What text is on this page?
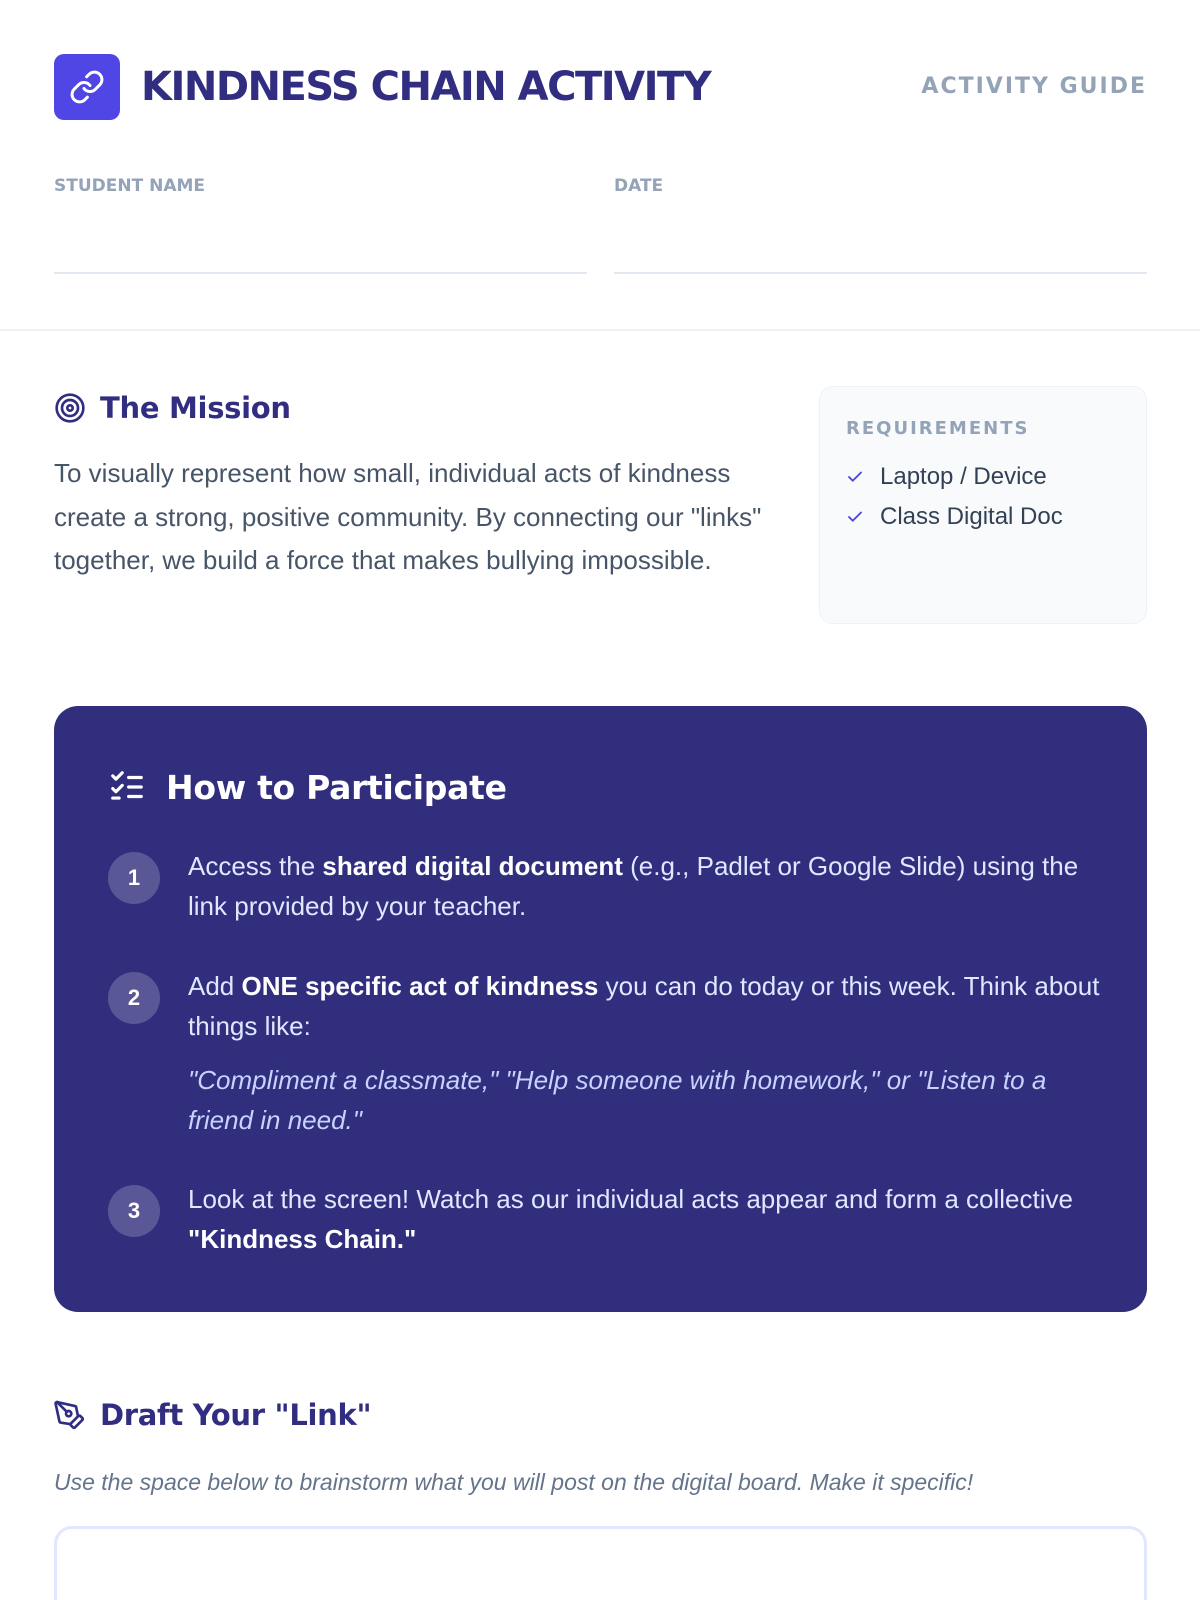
KINDNESS CHAIN ACTIVITY	ACTIVITY GUIDE
STUDENT NAME	DATE
The Mission

To visually represent how small, individual acts of kindness create a strong, positive community. By connecting our "links" together, we build a force that makes bullying impossible.

REQUIREMENTS
Laptop / Device
Class Digital Doc
How to Participate
1	Access the shared digital document (e.g., Padlet or Google Slide) using the link provided by your teacher.
2	Add ONE specific act of kindness you can do today or this week. Think about things like:
"Compliment a classmate," "Help someone with homework," or "Listen to a friend in need."
3	Look at the screen! Watch as our individual acts appear and form a collective "Kindness Chain."
Draft Your "Link"
Use the space below to brainstorm what you will post on the digital board. Make it specific!
